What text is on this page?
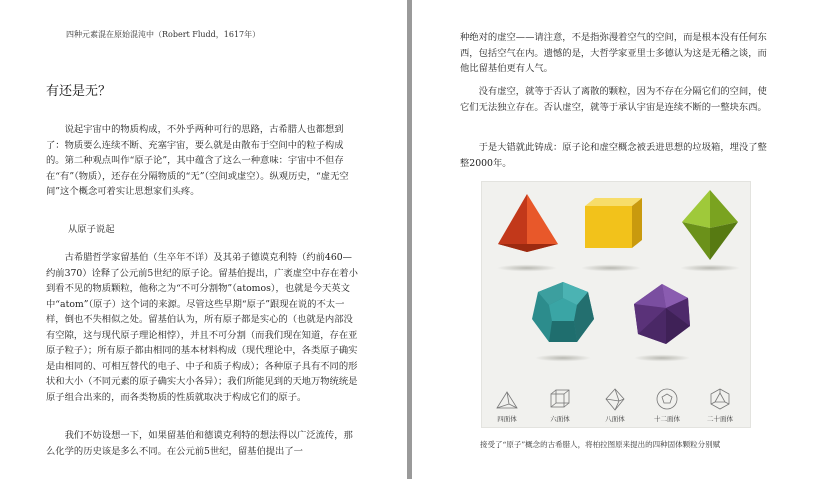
四种元素混在原始混沌中（Robert Fludd，1617年）
有还是无？

说起宇宙中的物质构成，不外乎两种可行的思路，古希腊人也都想到了：物质要么连续不断、充塞宇宙，要么就是由散布于空间中的粒子构成的。第二种观点叫作“原子论”，其中蕴含了这么一种意味：宇宙中不但存在“有”（物质），还存在分隔物质的“无”（空间或虚空）。纵观历史，“虚无空间”这个概念可着实让思想家们头疼。

从原子说起

古希腊哲学家留基伯（生卒年不详）及其弟子德谟克利特（约前460—约前370）诠释了公元前5世纪的原子论。留基伯提出，广袤虚空中存在着小到看不见的物质颗粒，他称之为“不可分割物”（atomos），也就是今天英文中“atom”（原子）这个词的来源。尽管这些早期“原子”跟现在说的不太一样，倒也不失相似之处。留基伯认为，所有原子都是实心的（也就是内部没有空隙，这与现代原子理论相悖），并且不可分割（而我们现在知道，存在亚原子粒子）；所有原子都由相同的基本材料构成（现代理论中，各类原子确实是由相同的、可相互替代的电子、中子和质子构成）；各种原子具有不同的形状和大小（不同元素的原子确实大小各异）；我们所能见到的天地万物统统是原子组合出来的，而各类物质的性质就取决于构成它们的原子。

我们不妨设想一下，如果留基伯和德谟克利特的想法得以广泛流传，那么化学的历史该是多么不同。在公元前5世纪，留基伯提出了一

种绝对的虚空——请注意，不是指弥漫着空气的空间，而是根本没有任何东西，包括空气在内。遗憾的是，大哲学家亚里士多德认为这是无稽之谈，而他比留基伯更有人气。

没有虚空，就等于否认了离散的颗粒，因为不存在分隔它们的空间，使它们无法独立存在。否认虚空，就等于承认宇宙是连续不断的一整块东西。

于是大错就此铸成：原子论和虚空概念被丢进思想的垃圾箱，埋没了整整2000年。

四面体	六面体	八面体	十二面体	二十面体
接受了“原子”概念的古希腊人，将柏拉图原来提出的四种固体颗粒分别赋
